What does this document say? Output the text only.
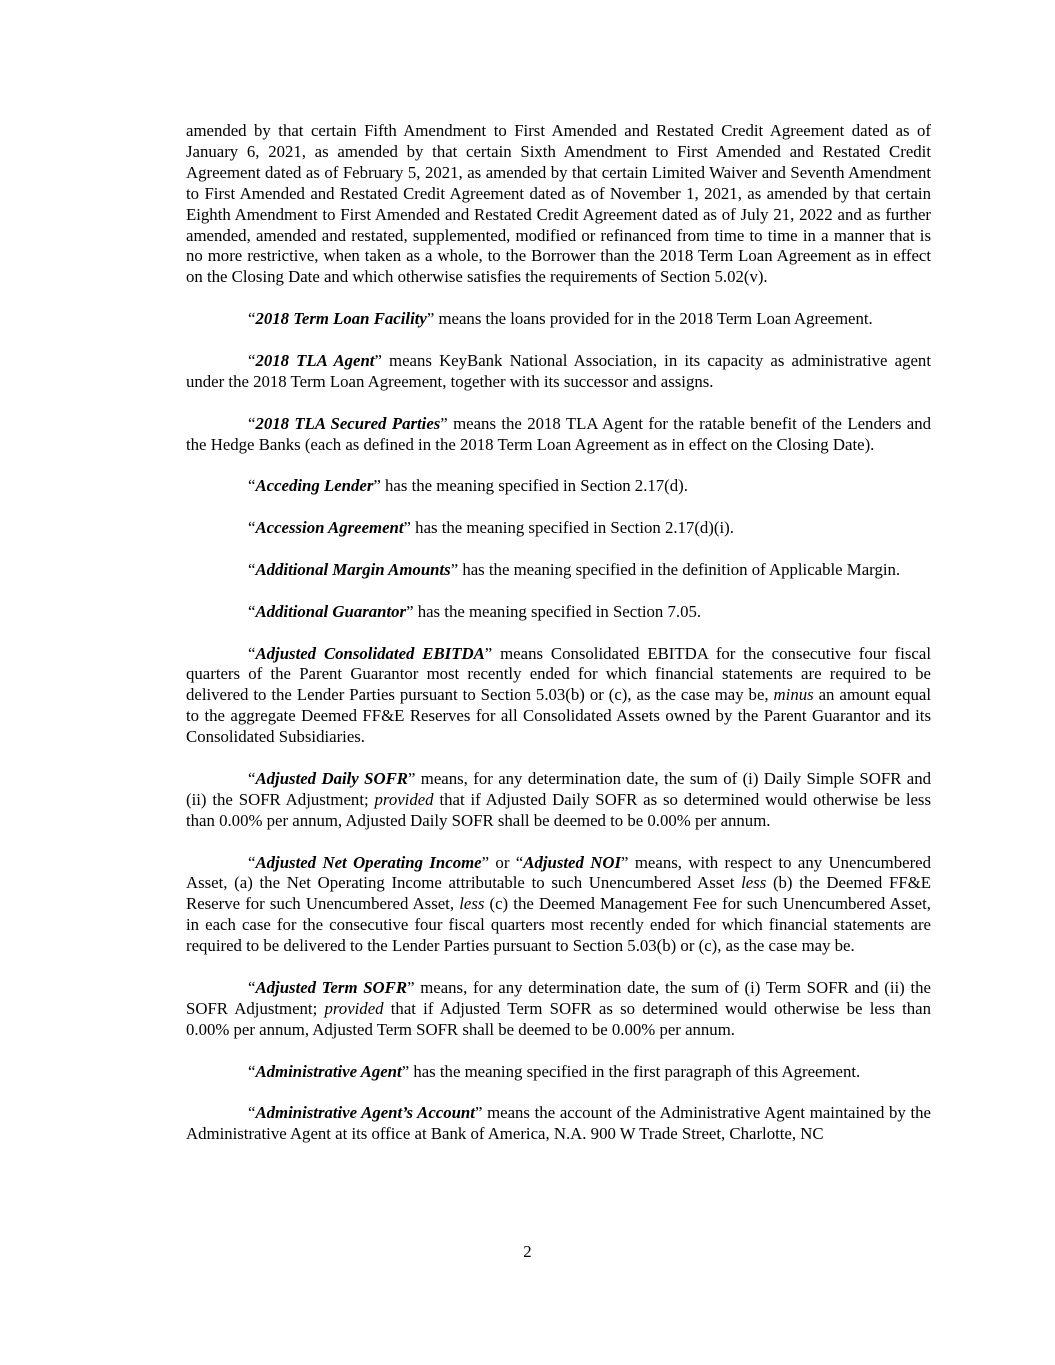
amended by that certain Fifth Amendment to First Amended and Restated Credit Agreement dated as of January 6, 2021, as amended by that certain Sixth Amendment to First Amended and Restated Credit Agreement dated as of February 5, 2021, as amended by that certain Limited Waiver and Seventh Amendment to First Amended and Restated Credit Agreement dated as of November 1, 2021, as amended by that certain Eighth Amendment to First Amended and Restated Credit Agreement dated as of July 21, 2022 and as further amended, amended and restated, supplemented, modified or refinanced from time to time in a manner that is no more restrictive, when taken as a whole, to the Borrower than the 2018 Term Loan Agreement as in effect on the Closing Date and which otherwise satisfies the requirements of Section 5.02(v).

“2018 Term Loan Facility” means the loans provided for in the 2018 Term Loan Agreement.

“2018 TLA Agent” means KeyBank National Association, in its capacity as administrative agent under the 2018 Term Loan Agreement, together with its successor and assigns.

“2018 TLA Secured Parties” means the 2018 TLA Agent for the ratable benefit of the Lenders and the Hedge Banks (each as defined in the 2018 Term Loan Agreement as in effect on the Closing Date).

“Acceding Lender” has the meaning specified in Section 2.17(d).

“Accession Agreement” has the meaning specified in Section 2.17(d)(i).

“Additional Margin Amounts” has the meaning specified in the definition of Applicable Margin.

“Additional Guarantor” has the meaning specified in Section 7.05.

“Adjusted Consolidated EBITDA” means Consolidated EBITDA for the consecutive four fiscal quarters of the Parent Guarantor most recently ended for which financial statements are required to be delivered to the Lender Parties pursuant to Section 5.03(b) or (c), as the case may be, minus an amount equal to the aggregate Deemed FF&E Reserves for all Consolidated Assets owned by the Parent Guarantor and its Consolidated Subsidiaries.

“Adjusted Daily SOFR” means, for any determination date, the sum of (i) Daily Simple SOFR and (ii) the SOFR Adjustment; provided that if Adjusted Daily SOFR as so determined would otherwise be less than 0.00% per annum, Adjusted Daily SOFR shall be deemed to be 0.00% per annum.

“Adjusted Net Operating Income” or “Adjusted NOI” means, with respect to any Unencumbered Asset, (a) the Net Operating Income attributable to such Unencumbered Asset less (b) the Deemed FF&E Reserve for such Unencumbered Asset, less (c) the Deemed Management Fee for such Unencumbered Asset, in each case for the consecutive four fiscal quarters most recently ended for which financial statements are required to be delivered to the Lender Parties pursuant to Section 5.03(b) or (c), as the case may be.

“Adjusted Term SOFR” means, for any determination date, the sum of (i) Term SOFR and (ii) the SOFR Adjustment; provided that if Adjusted Term SOFR as so determined would otherwise be less than 0.00% per annum, Adjusted Term SOFR shall be deemed to be 0.00% per annum.

“Administrative Agent” has the meaning specified in the first paragraph of this Agreement.

“Administrative Agent’s Account” means the account of the Administrative Agent maintained by the Administrative Agent at its office at Bank of America, N.A. 900 W Trade Street, Charlotte, NC

2
